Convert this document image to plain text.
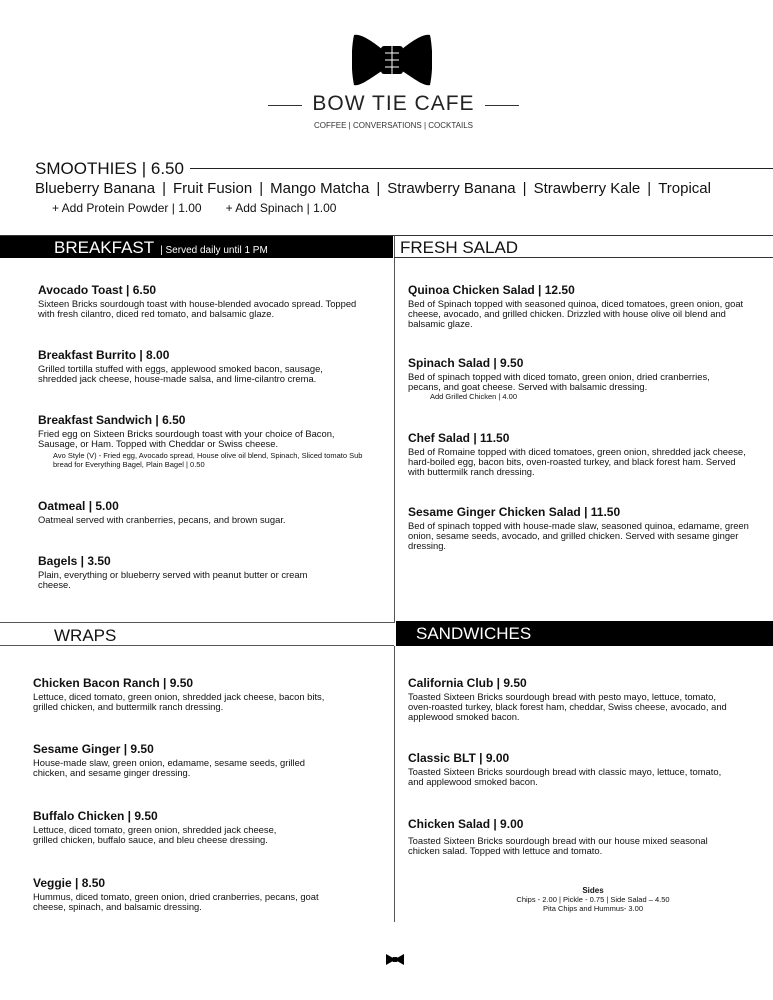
BOW TIE CAFE
COFFEE | CONVERSATIONS | COCKTAILS
SMOOTHIES | 6.50
Blueberry Banana | Fruit Fusion | Mango Matcha | Strawberry Banana | Strawberry Kale | Tropical
+ Add Protein Powder | 1.00 + Add Spinach | 1.00
BREAKFAST | Served daily until 1 PM	FRESH SALAD
Avocado Toast | 6.50
Sixteen Bricks sourdough toast with house-blended avocado spread. Topped with fresh cilantro, diced red tomato, and balsamic glaze.
Breakfast Burrito | 8.00
Grilled tortilla stuffed with eggs, applewood smoked bacon, sausage, shredded jack cheese, house-made salsa, and lime-cilantro crema.
Breakfast Sandwich | 6.50
Fried egg on Sixteen Bricks sourdough toast with your choice of Bacon, Sausage, or Ham. Topped with Cheddar or Swiss cheese.
Avo Style (V) - Fried egg, Avocado spread, House olive oil blend, Spinach, Sliced tomato Sub bread for Everything Bagel, Plain Bagel | 0.50
Oatmeal | 5.00
Oatmeal served with cranberries, pecans, and brown sugar.
Bagels | 3.50
Plain, everything or blueberry served with peanut butter or cream cheese.
Quinoa Chicken Salad | 12.50
Bed of Spinach topped with seasoned quinoa, diced tomatoes, green onion, goat cheese, avocado, and grilled chicken. Drizzled with house olive oil blend and balsamic glaze.
Spinach Salad | 9.50
Bed of spinach topped with diced tomato, green onion, dried cranberries, pecans, and goat cheese. Served with balsamic dressing.
Add Grilled Chicken | 4.00
Chef Salad | 11.50
Bed of Romaine topped with diced tomatoes, green onion, shredded jack cheese, hard-boiled egg, bacon bits, oven-roasted turkey, and black forest ham. Served with buttermilk ranch dressing.
Sesame Ginger Chicken Salad | 11.50
Bed of spinach topped with house-made slaw, seasoned quinoa, edamame, green onion, sesame seeds, avocado, and grilled chicken. Served with sesame ginger dressing.
WRAPS	SANDWICHES
Chicken Bacon Ranch | 9.50
Lettuce, diced tomato, green onion, shredded jack cheese, bacon bits, grilled chicken, and buttermilk ranch dressing.
Sesame Ginger | 9.50
House-made slaw, green onion, edamame, sesame seeds, grilled chicken, and sesame ginger dressing.
Buffalo Chicken | 9.50
Lettuce, diced tomato, green onion, shredded jack cheese, grilled chicken, buffalo sauce, and bleu cheese dressing.
Veggie | 8.50
Hummus, diced tomato, green onion, dried cranberries, pecans, goat cheese, spinach, and balsamic dressing.
California Club | 9.50
Toasted Sixteen Bricks sourdough bread with pesto mayo, lettuce, tomato, oven-roasted turkey, black forest ham, cheddar, Swiss cheese, avocado, and applewood smoked bacon.
Classic BLT | 9.00
Toasted Sixteen Bricks sourdough bread with classic mayo, lettuce, tomato, and applewood smoked bacon.
Chicken Salad | 9.00
Toasted Sixteen Bricks sourdough bread with our house mixed seasonal chicken salad. Topped with lettuce and tomato.
Sides
Chips - 2.00 | Pickle - 0.75 | Side Salad – 4.50
Pita Chips and Hummus- 3.00
